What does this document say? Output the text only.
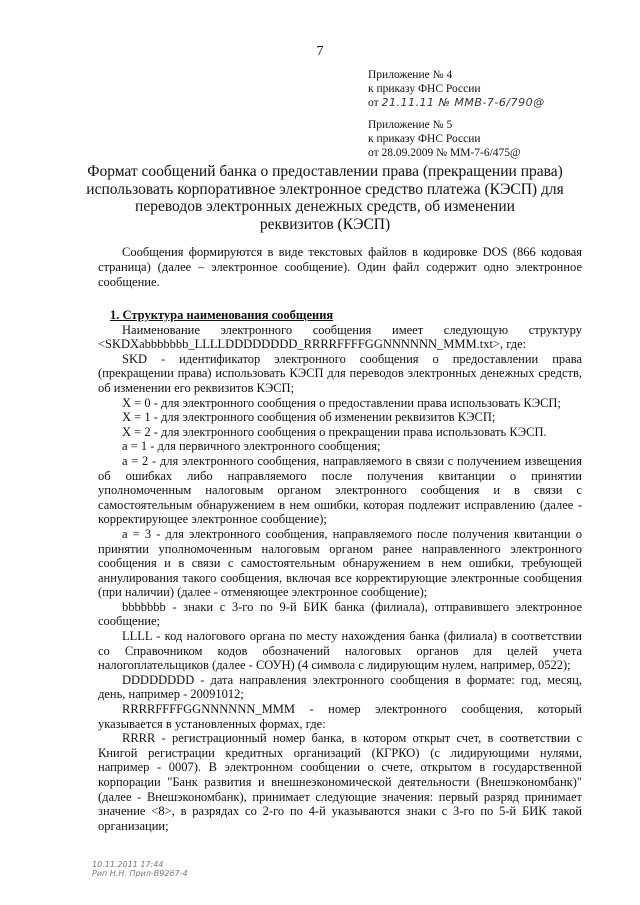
7
Приложение № 4
к приказу ФНС России
от 21.11.11 № ММВ-7-6/790@
Приложение № 5
к приказу ФНС России
от 28.09.2009 № ММ-7-6/475@
Формат сообщений банка о предоставлении права (прекращении права)
использовать корпоративное электронное средство платежа (КЭСП) для
переводов электронных денежных средств, об изменении
реквизитов (КЭСП)
Сообщения формируются в виде текстовых файлов в кодировке DOS (866 кодовая страница) (далее – электронное сообщение). Один файл содержит одно электронное сообщение.

1. Структура наименования сообщения

Наименование электронного сообщения имеет следующую структуру <SKDXabbbbbbb_LLLLDDDDDDDD_RRRRFFFFGGNNNNNN_MMM.txt>, где:

SKD - идентификатор электронного сообщения о предоставлении права (прекращении права) использовать КЭСП для переводов электронных денежных средств, об изменении его реквизитов КЭСП;

X = 0 - для электронного сообщения о предоставлении права использовать КЭСП;

X = 1 - для электронного сообщения об изменении реквизитов КЭСП;

X = 2 - для электронного сообщения о прекращении права использовать КЭСП.

a = 1 - для первичного электронного сообщения;

a = 2 - для электронного сообщения, направляемого в связи с получением извещения об ошибках либо направляемого после получения квитанции о принятии уполномоченным налоговым органом электронного сообщения и в связи с самостоятельным обнаружением в нем ошибки, которая подлежит исправлению (далее - корректирующее электронное сообщение);

a = 3 - для электронного сообщения, направляемого после получения квитанции о принятии уполномоченным налоговым органом ранее направленного электронного сообщения и в связи с самостоятельным обнаружением в нем ошибки, требующей аннулирования такого сообщения, включая все корректирующие электронные сообщения (при наличии) (далее - отменяющее электронное сообщение);

bbbbbbb - знаки с 3-го по 9-й БИК банка (филиала), отправившего электронное сообщение;

LLLL - код налогового органа по месту нахождения банка (филиала) в соответствии со Справочником кодов обозначений налоговых органов для целей учета налогоплательщиков (далее - СОУН) (4 символа с лидирующим нулем, например, 0522);

DDDDDDDD - дата направления электронного сообщения в формате: год, месяц, день, например - 20091012;

RRRRFFFFGGNNNNNN_MMM - номер электронного сообщения, который указывается в установленных формах, где:

RRRR - регистрационный номер банка, в котором открыт счет, в соответствии с Книгой регистрации кредитных организаций (КГРКО) (с лидирующими нулями, например - 0007). В электронном сообщении о счете, открытом в государственной корпорации "Банк развития и внешнеэкономической деятельности (Внешэкономбанк)" (далее - Внешэкономбанк), принимает следующие значения: первый разряд принимает значение <8>, в разрядах со 2-го по 4-й указываются знаки с 3-го по 5-й БИК такой организации;

10.11.2011 17:44
Рип Н.Н. Прил-В9267-4
